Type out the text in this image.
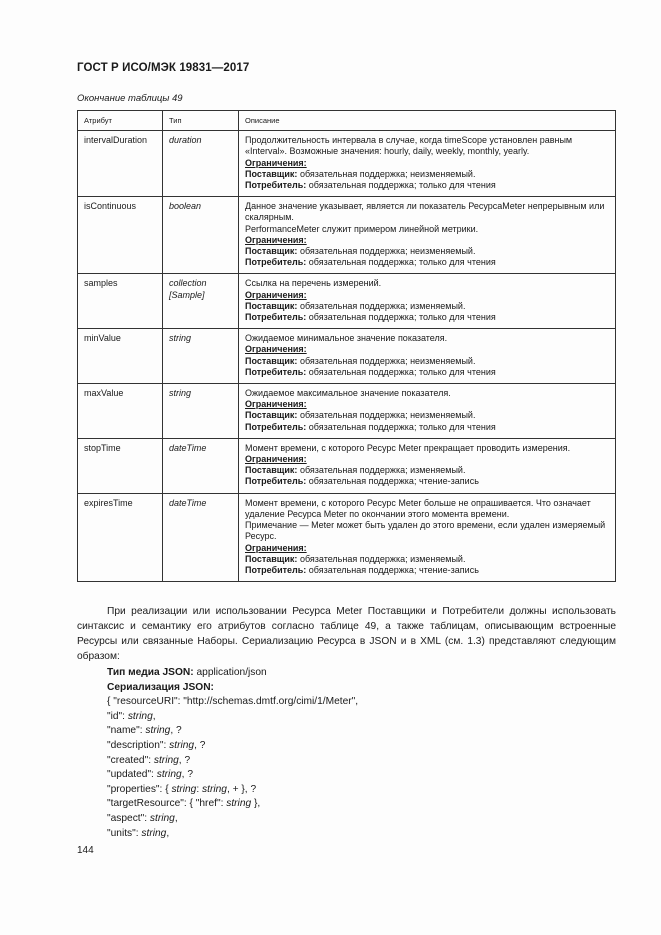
ГОСТ Р ИСО/МЭК 19831—2017
Окончание таблицы 49
Атрибут	Тип	Описание
intervalDuration	duration	Продолжительность интервала в случае, когда timeScope установлен равным «Interval». Возможные значения: hourly, daily, weekly, monthly, yearly.
Ограничения:
Поставщик: обязательная поддержка; неизменяемый.
Потребитель: обязательная поддержка; только для чтения

isContinuous	boolean	Данное значение указывает, является ли показатель РесурсаMeter непрерывным или скалярным.
PerformanceMeter служит примером линейной метрики.
Ограничения:
Поставщик: обязательная поддержка; неизменяемый.
Потребитель: обязательная поддержка; только для чтения

samples	collection
[Sample]	Ссылка на перечень измерений.
Ограничения:
Поставщик: обязательная поддержка; изменяемый.
Потребитель: обязательная поддержка; только для чтения

minValue	string	Ожидаемое минимальное значение показателя.
Ограничения:
Поставщик: обязательная поддержка; неизменяемый.
Потребитель: обязательная поддержка; только для чтения

maxValue	string	Ожидаемое максимальное значение показателя.
Ограничения:
Поставщик: обязательная поддержка; неизменяемый.
Потребитель: обязательная поддержка; только для чтения

stopTime	dateTime	Момент времени, с которого Ресурс Meter прекращает проводить измерения.
Ограничения:
Поставщик: обязательная поддержка; изменяемый.
Потребитель: обязательная поддержка; чтение-запись

expiresTime	dateTime	Момент времени, с которого Ресурс Meter больше не опрашивается. Что означает удаление Ресурса Meter по окончании этого момента времени.
Примечание — Meter может быть удален до этого времени, если удален измеряемый Ресурс.
Ограничения:
Поставщик: обязательная поддержка; изменяемый.
Потребитель: обязательная поддержка; чтение-запись

При реализации или использовании Ресурса Meter Поставщики и Потребители должны использовать синтаксис и семантику его атрибутов согласно таблице 49, а также таблицам, описывающим встроенные Ресурсы или связанные Наборы. Сериализацию Ресурса в JSON и в XML (см. 1.3) представляют следующим образом:

Тип медиа JSON: application/json
Сериализация JSON:
{ "resourceURI": "http://schemas.dmtf.org/cimi/1/Meter",
"id": string,
"name": string, ?
"description": string, ?
"created": string, ?
"updated": string, ?
"properties": { string: string, + }, ?
"targetResource": { "href": string },
"aspect": string,
"units": string,
144
